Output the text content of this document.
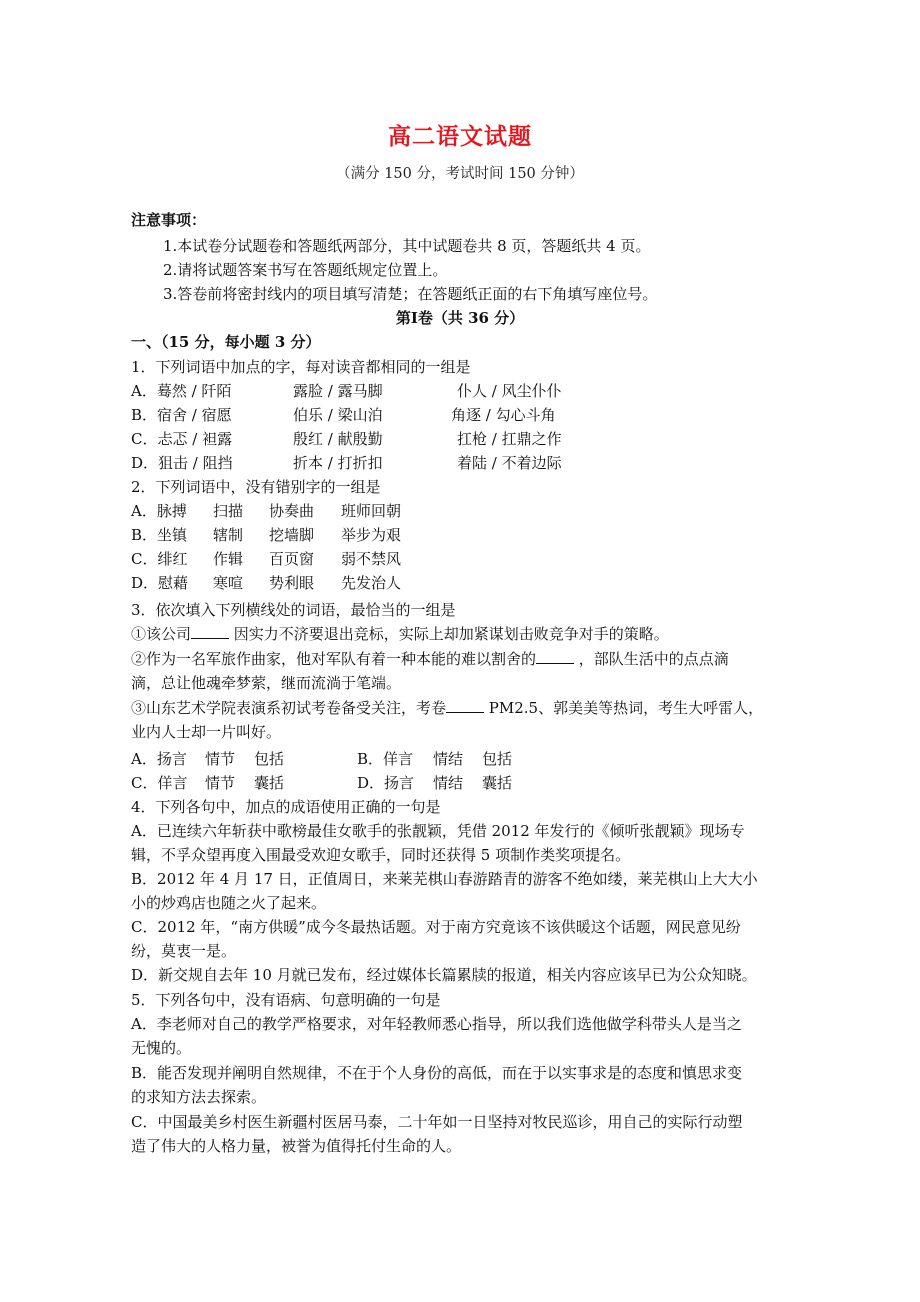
高二语文试题
（满分 150 分，考试时间 150 分钟）
注意事项：
1.本试卷分试题卷和答题纸两部分，其中试题卷共 8 页，答题纸共 4 页。
2.请将试题答案书写在答题纸规定位置上。
3.答卷前将密封线内的项目填写清楚；在答题纸正面的右下角填写座位号。
第Ⅰ卷（共 36 分）
一、（15 分，每小题 3 分）
1．下列词语中加点的字，每对读音都相同的一组是
A．蓦然 / 阡陌	露脸 / 露马脚	仆人 / 风尘仆仆
B．宿舍 / 宿愿	伯乐 / 梁山泊	角逐 / 勾心斗角
C．忐忑 / 袒露	殷红 / 献殷勤	扛枪 / 扛鼎之作
D．狙击 / 阻挡	折本 / 打折扣	着陆 / 不着边际
2．下列词语中，没有错别字的一组是
A．脉搏 扫描 协奏曲 班师回朝
B．坐镇 辖制 挖墙脚 举步为艰
C．绯红 作辑 百页窗 弱不禁风
D．慰藉 寒喧 势利眼 先发治人
3．依次填入下列横线处的词语，最恰当的一组是
①该公司	因实力不济要退出竞标，实际上却加紧谋划击败竞争对手的策略。
②作为一名军旅作曲家，他对军队有着一种本能的难以割舍的	，部队生活中的点点滴
滴，总让他魂牵梦萦，继而流淌于笔端。
③山东艺术学院表演系初试考卷备受关注，考卷	PM2.5、郭美美等热词，考生大呼雷人，
业内人士却一片叫好。
A．扬言 情节 包括	B．佯言 情结 包括
C．佯言 情节 囊括	D．扬言 情结 囊括
4．下列各句中，加点的成语使用正确的一句是
A．已连续六年斩获中歌榜最佳女歌手的张靓颖，凭借 2012 年发行的《倾听张靓颖》现场专
辑，不孚众望再度入围最受欢迎女歌手，同时还获得 5 项制作类奖项提名。
B．2012 年 4 月 17 日，正值周日，来莱芜棋山春游踏青的游客不绝如缕，莱芜棋山上大大小
小的炒鸡店也随之火了起来。
C．2012 年，“南方供暖”成今冬最热话题。对于南方究竟该不该供暖这个话题，网民意见纷
纷，莫衷一是。
D．新交规自去年 10 月就已发布，经过媒体长篇累牍的报道，相关内容应该早已为公众知晓。
5．下列各句中，没有语病、句意明确的一句是
A．李老师对自己的教学严格要求，对年轻教师悉心指导，所以我们选他做学科带头人是当之
无愧的。
B．能否发现并阐明自然规律，不在于个人身份的高低，而在于以实事求是的态度和慎思求变
的求知方法去探索。
C．中国最美乡村医生新疆村医居马泰，二十年如一日坚持对牧民巡诊，用自己的实际行动塑
造了伟大的人格力量，被誉为值得托付生命的人。
